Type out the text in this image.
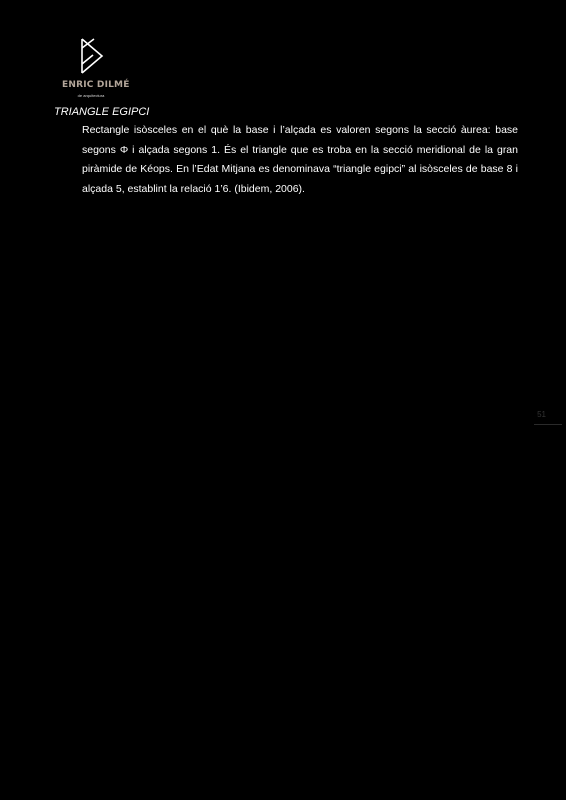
ENRIC DILMÉ
de arquitectura
TRIANGLE EGIPCI
Rectangle isòsceles en el què la base i l’alçada es valoren segons la secció àurea: base segons Φ i alçada segons 1. És el triangle que es troba en la secció meridional de la gran piràmide de Kéops. En l’Edat Mitjana es denominava “triangle egipci” al isòsceles de base 8 i alçada 5, establint la relació 1’6. (Ibidem, 2006).
51
